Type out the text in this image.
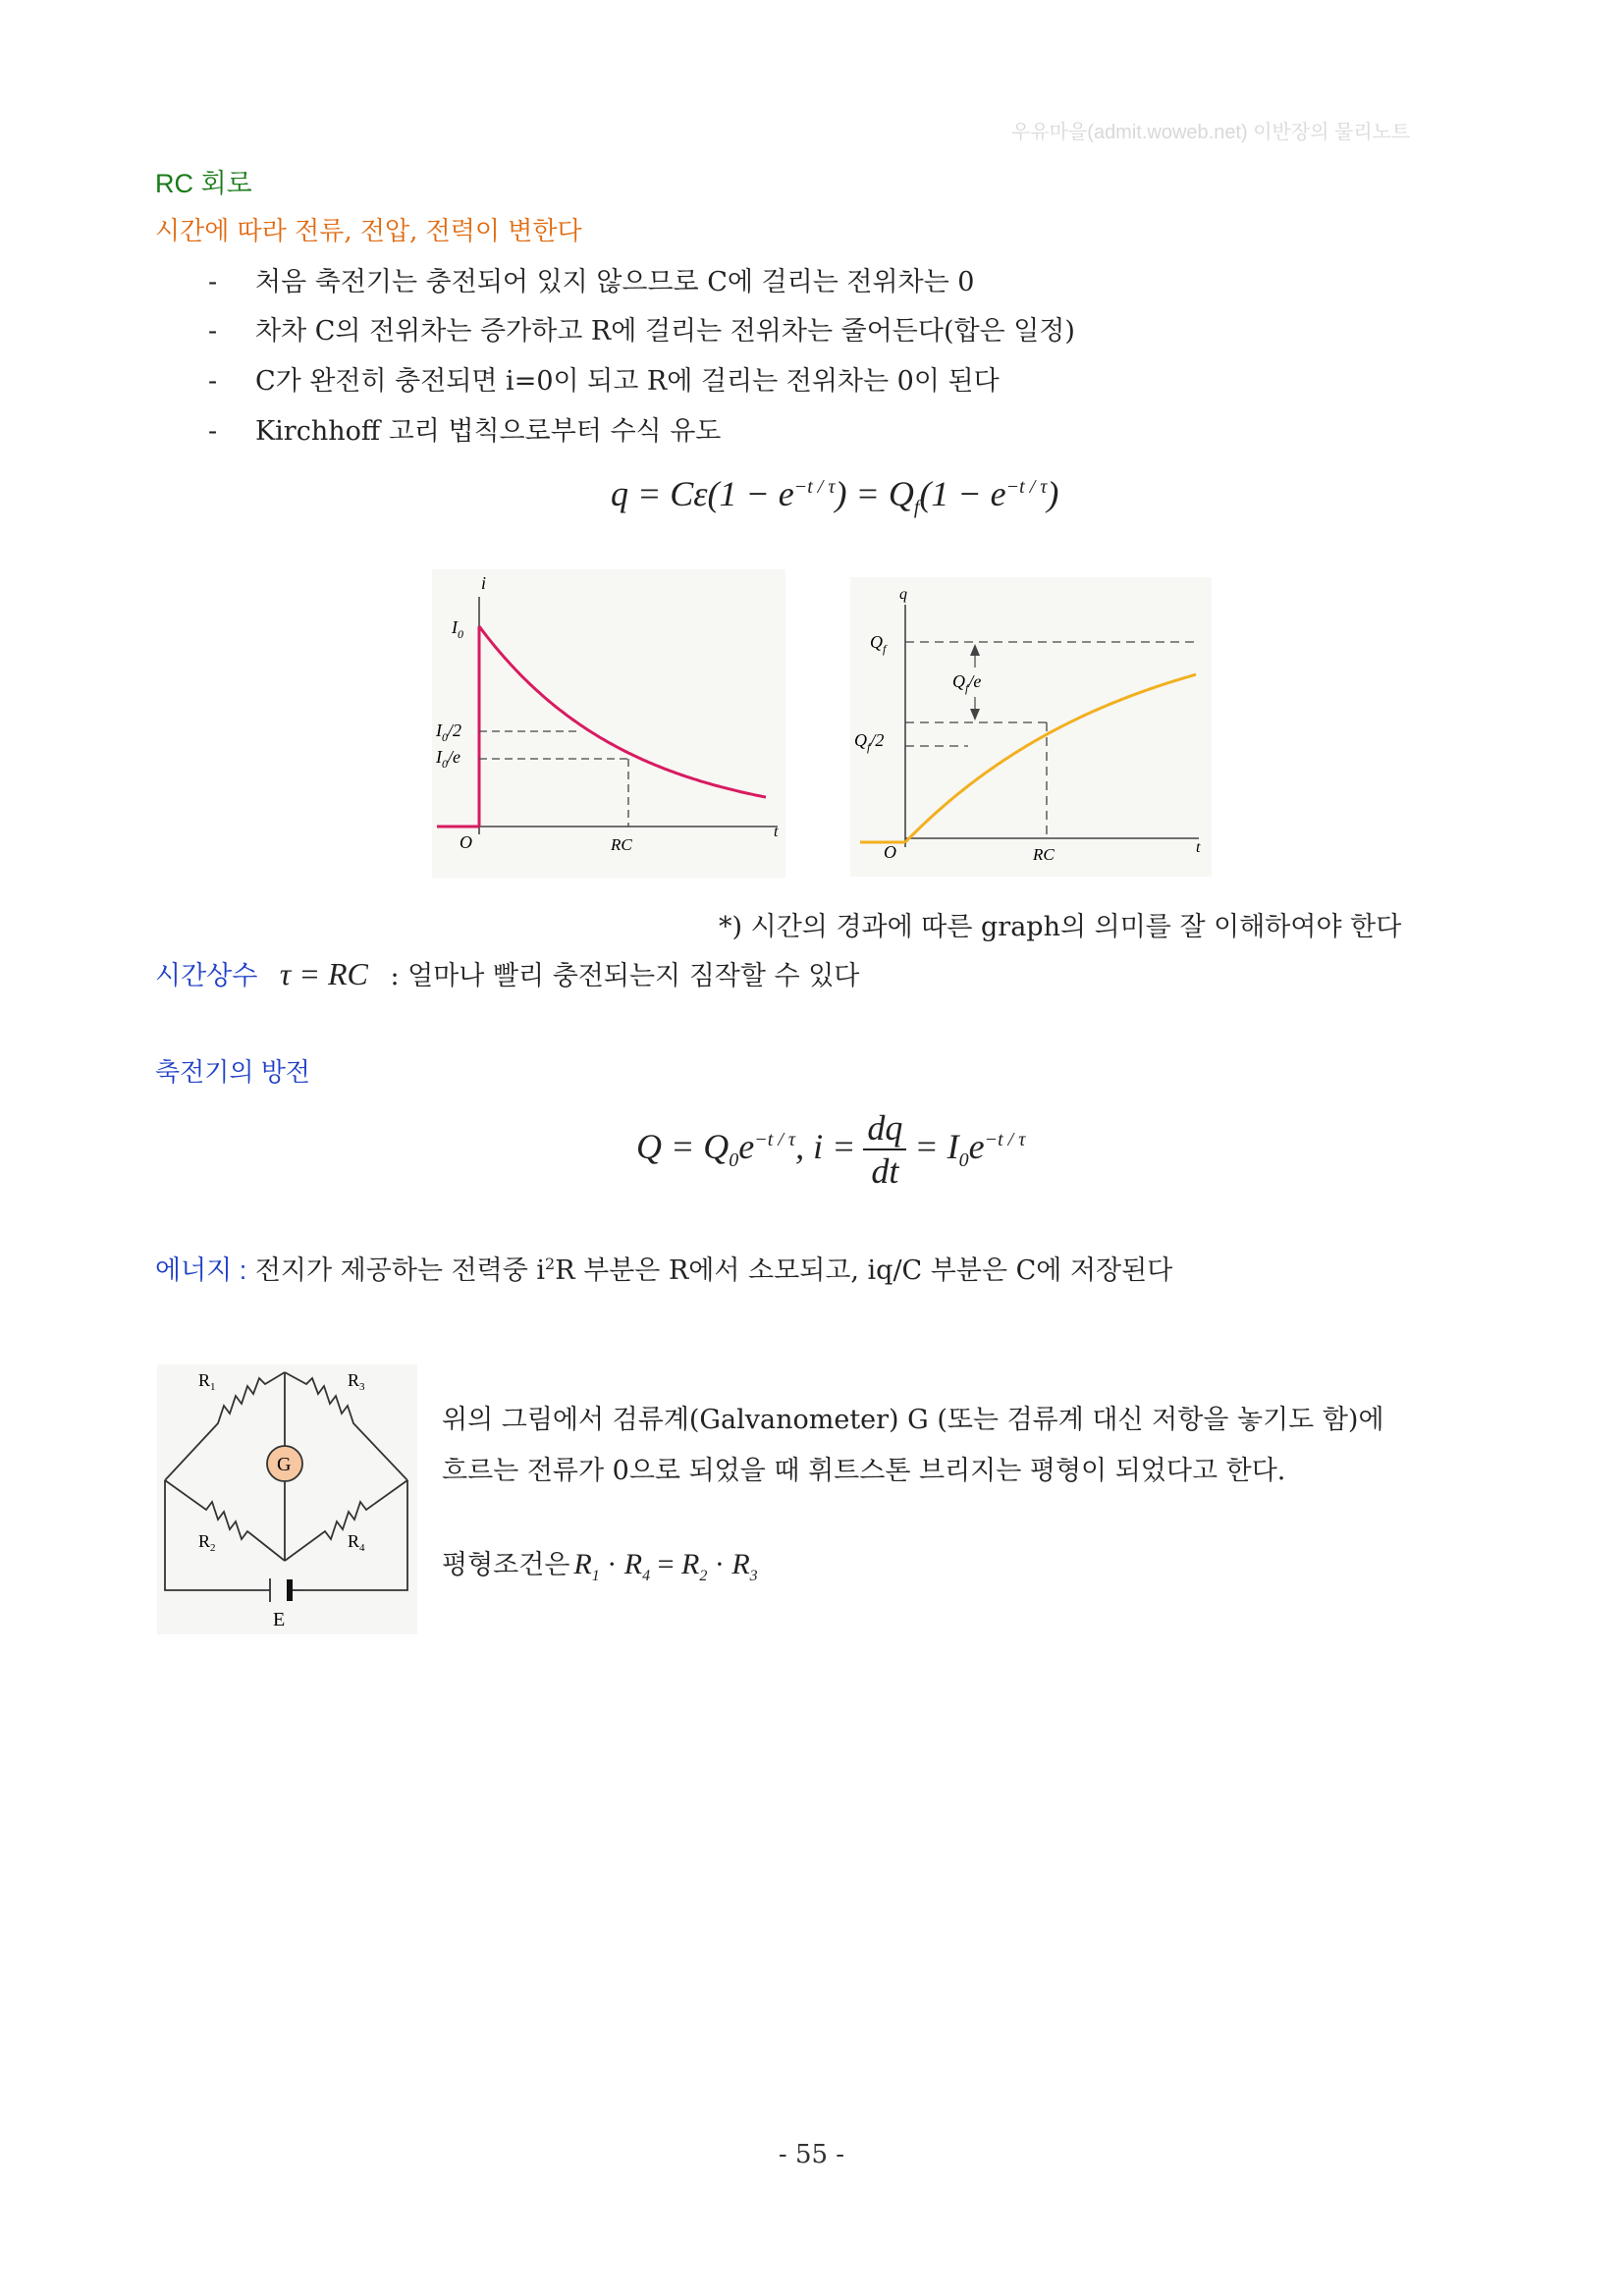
우유마을(admit.woweb.net) 이반장의 물리노트
RC 회로
시간에 따라 전류, 전압, 전력이 변한다
- 처음 축전기는 충전되어 있지 않으므로 C에 걸리는 전위차는 0
- 차차 C의 전위차는 증가하고 R에 걸리는 전위차는 줄어든다(합은 일정)
- C가 완전히 충전되면 i=0이 되고 R에 걸리는 전위차는 0이 된다
- Kirchhoff 고리 법칙으로부터 수식 유도
$q = C\varepsilon(1 - e^{-t / \tau}) = Q_f(1 - e^{-t / \tau})$
i
t
O
$I_0$
$I_0/2$
$I_0/e$
RC
q
t
O
$Q_f$
$Q_f/2$
$Q_f/e$
RC
*) 시간의 경과에 따른 graph의 의미를 잘 이해하여야 한다
시간상수 τ = RC : 얼마나 빨리 충전되는지 짐작할 수 있다
축전기의 방전
$Q = Q_0e^{-t / \tau}$, $i = \frac{dq}{dt} = I_0e^{-t / \tau}$
에너지 : 전지가 제공하는 전력중 $i^2R$ 부분은 R에서 소모되고, iq/C 부분은 C에 저장된다
G
$R_1$	$R_3$
$R_2$	$R_4$
E
위의 그림에서 검류계(Galvanometer) G (또는 검류계 대신 저항을 놓기도 함)에
흐르는 전류가 0으로 되었을 때 휘트스톤 브리지는 평형이 되었다고 한다.
평형조건은 $R_1 \cdot R_4 = R_2 \cdot R_3$
- 55 -
